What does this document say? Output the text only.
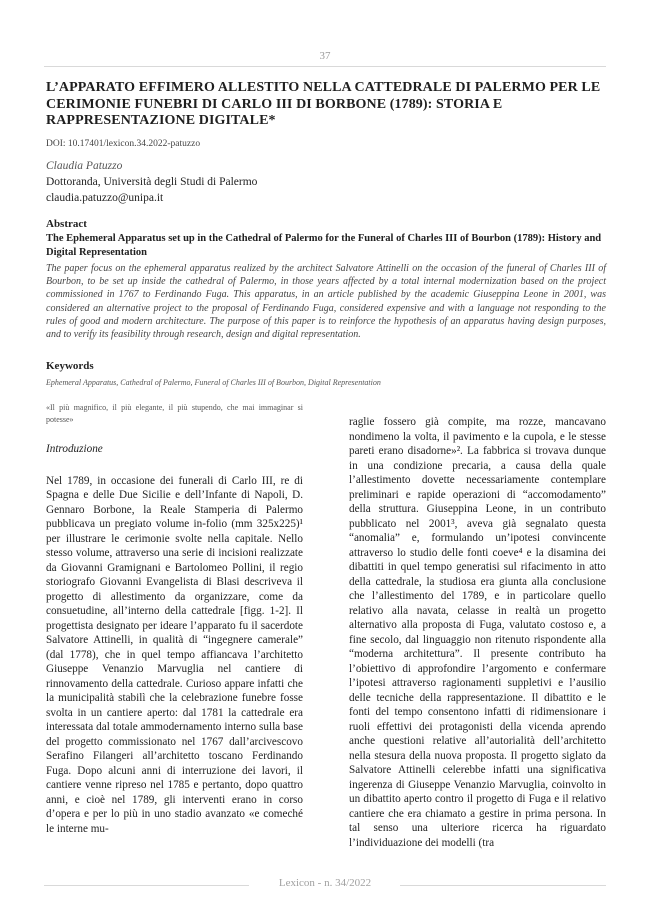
37
L’APPARATO EFFIMERO ALLESTITO NELLA CATTEDRALE DI PALERMO PER LE CERIMONIE FUNEBRI DI CARLO III DI BORBONE (1789): STORIA E RAPPRESENTAZIONE DIGITALE*
DOI: 10.17401/lexicon.34.2022-patuzzo
Claudia Patuzzo
Dottoranda, Università degli Studi di Palermo
claudia.patuzzo@unipa.it
Abstract

The Ephemeral Apparatus set up in the Cathedral of Palermo for the Funeral of Charles III of Bourbon (1789): History and Digital Representation

The paper focus on the ephemeral apparatus realized by the architect Salvatore Attinelli on the occasion of the funeral of Charles III of Bourbon, to be set up inside the cathedral of Palermo, in those years affected by a total internal modernization based on the project commissioned in 1767 to Ferdinando Fuga. This apparatus, in an article published by the academic Giuseppina Leone in 2001, was considered an alternative project to the proposal of Ferdinando Fuga, considered expensive and with a language not responding to the rules of good and modern architecture. The purpose of this paper is to reinforce the hypothesis of an apparatus having design purposes, and to verify its feasibility through research, design and digital representation.

Keywords
Ephemeral Apparatus, Cathedral of Palermo, Funeral of Charles III of Bourbon, Digital Representation

«Il più magnifico, il più elegante, il più stupendo, che mai immaginar si potesse»

Introduzione

Nel 1789, in occasione dei funerali di Carlo III, re di Spagna e delle Due Sicilie e dell’Infante di Napoli, D. Gennaro Borbone, la Reale Stamperia di Palermo pubblicava un pregiato volume in-folio (mm 325x225)¹ per illustrare le cerimonie svolte nella capitale. Nello stesso volume, attraverso una serie di incisioni realizzate da Giovanni Gramignani e Bartolomeo Pollini, il regio storiografo Giovanni Evangelista di Blasi descriveva il progetto di allestimento da organizzare, come da consuetudine, all’interno della cattedrale [figg. 1-2]. Il progettista designato per ideare l’apparato fu il sacerdote Salvatore Attinelli, in qualità di “ingegnere camerale” (dal 1778), che in quel tempo affiancava l’architetto Giuseppe Venanzio Marvuglia nel cantiere di rinnovamento della cattedrale. Curioso appare infatti che la municipalità stabilì che la celebrazione funebre fosse svolta in un cantiere aperto: dal 1781 la cattedrale era interessata dal totale ammodernamento interno sulla base del progetto commissionato nel 1767 dall’arcivescovo Serafino Filangeri all’architetto toscano Ferdinando Fuga. Dopo alcuni anni di interruzione dei lavori, il cantiere venne ripreso nel 1785 e pertanto, dopo quattro anni, e cioè nel 1789, gli interventi erano in corso d’opera e per lo più in uno stadio avanzato «e comeché le interne mu-

raglie fossero già compite, ma rozze, mancavano nondimeno la volta, il pavimento e la cupola, e le stesse pareti erano disadorne»². La fabbrica si trovava dunque in una condizione precaria, a causa della quale l’allestimento dovette necessariamente contemplare preliminari e rapide operazioni di “accomodamento” della struttura. Giuseppina Leone, in un contributo pubblicato nel 2001³, aveva già segnalato questa “anomalia” e, formulando un’ipotesi convincente attraverso lo studio delle fonti coeve⁴ e la disamina dei dibattiti in quel tempo generatisi sul rifacimento in atto della cattedrale, la studiosa era giunta alla conclusione che l’allestimento del 1789, e in particolare quello relativo alla navata, celasse in realtà un progetto alternativo alla proposta di Fuga, valutato costoso e, a fine secolo, dal linguaggio non ritenuto rispondente alla “moderna architettura”. Il presente contributo ha l’obiettivo di approfondire l’argomento e confermare l’ipotesi attraverso ragionamenti suppletivi e l’ausilio delle tecniche della rappresentazione. Il dibattito e le fonti del tempo consentono infatti di ridimensionare i ruoli effettivi dei protagonisti della vicenda aprendo anche questioni relative all’autorialità dell’architetto nella stesura della nuova proposta. Il progetto siglato da Salvatore Attinelli celerebbe infatti una significativa ingerenza di Giuseppe Venanzio Marvuglia, coinvolto in un dibattito aperto contro il progetto di Fuga e il relativo cantiere che era chiamato a gestire in prima persona. In tal senso una ulteriore ricerca ha riguardato l’individuazione dei modelli (tra

Lexicon - n. 34/2022
